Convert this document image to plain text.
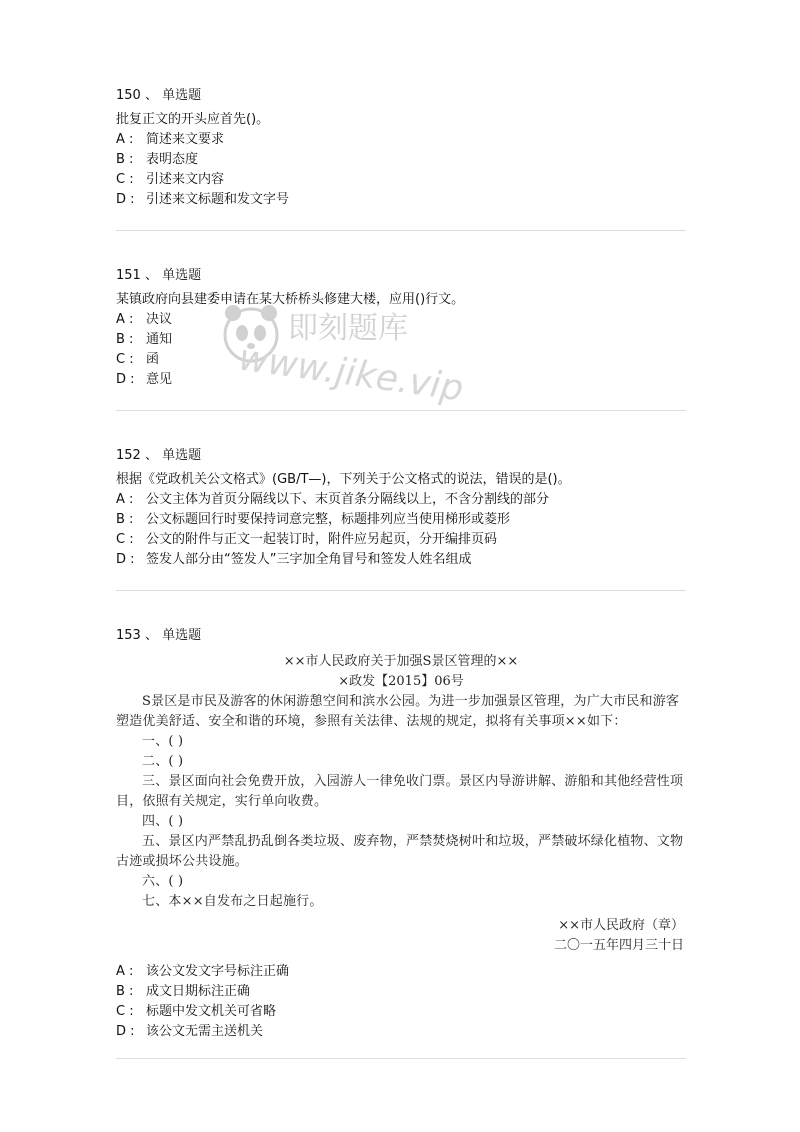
150 、 单选题
批复正文的开头应首先()。
A : 简述来文要求
B : 表明态度
C : 引述来文内容
D : 引述来文标题和发文字号
151 、 单选题
某镇政府向县建委申请在某大桥桥头修建大楼，应用()行文。
A : 决议
B : 通知
C : 函
D : 意见
152 、 单选题
根据《党政机关公文格式》(GB/T—)，下列关于公文格式的说法，错误的是()。
A : 公文主体为首页分隔线以下、末页首条分隔线以上，不含分割线的部分
B : 公文标题回行时要保持词意完整，标题排列应当使用梯形或菱形
C : 公文的附件与正文一起装订时，附件应另起页，分开编排页码
D : 签发人部分由“签发人”三字加全角冒号和签发人姓名组成
153 、 单选题
××市人民政府关于加强S景区管理的××
×政发【2015】06号
S景区是市民及游客的休闲游憩空间和滨水公园。为进一步加强景区管理，为广大市民和游客塑造优美舒适、安全和谐的环境，参照有关法律、法规的规定，拟将有关事项××如下：
一、( )
二、( )
三、景区面向社会免费开放，入园游人一律免收门票。景区内导游讲解、游船和其他经营性项目，依照有关规定，实行单向收费。
四、( )
五、景区内严禁乱扔乱倒各类垃圾、废弃物，严禁焚烧树叶和垃圾，严禁破坏绿化植物、文物古迹或损坏公共设施。
六、( )
七、本××自发布之日起施行。
××市人民政府（章）
二〇一五年四月三十日
A : 该公文发文字号标注正确
B : 成文日期标注正确
C : 标题中发文机关可省略
D : 该公文无需主送机关
即刻题库
www.jike.vip
